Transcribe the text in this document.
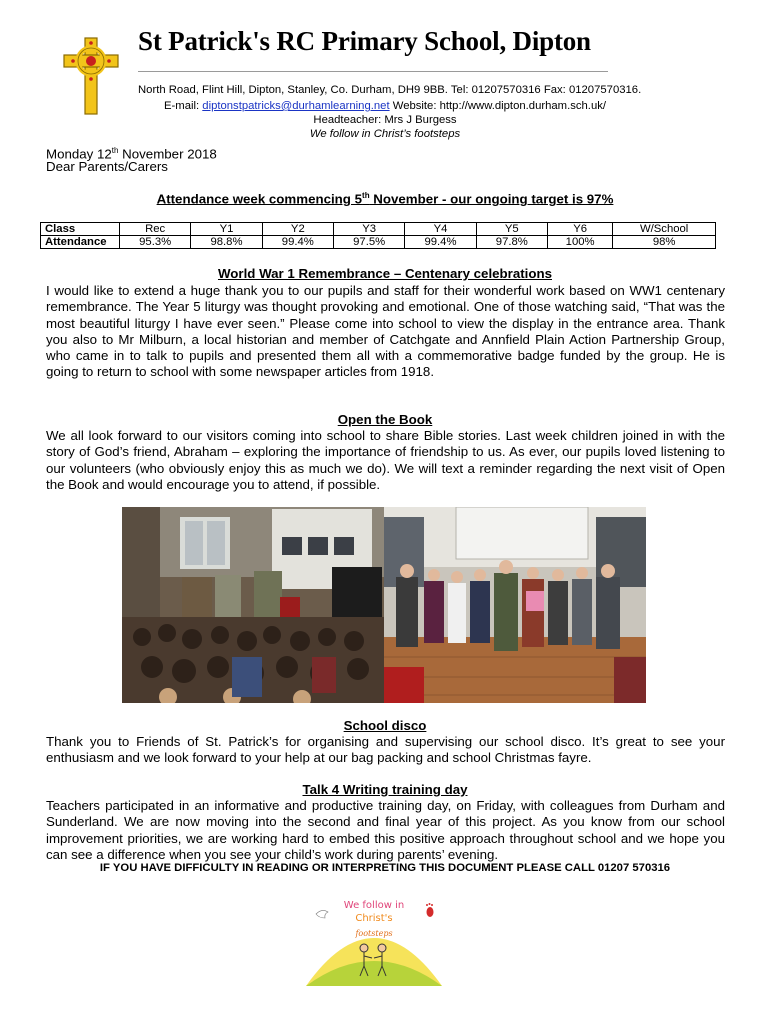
St Patrick's RC Primary School, Dipton
North Road, Flint Hill, Dipton, Stanley, Co. Durham, DH9 9BB. Tel: 01207570316 Fax: 01207570316.
E-mail: diptonstpatricks@durhamlearning.net Website: http://www.dipton.durham.sch.uk/
Headteacher: Mrs J Burgess
We follow in Christ’s footsteps
Monday 12th November 2018
Dear Parents/Carers
Attendance week commencing 5th November - our ongoing target is 97%
Class	Rec	Y1	Y2	Y3	Y4	Y5	Y6	W/School
Attendance	95.3%	98.8%	99.4%	97.5%	99.4%	97.8%	100%	98%
World War 1 Remembrance – Centenary celebrations
I would like to extend a huge thank you to our pupils and staff for their wonderful work based on WW1 centenary remembrance. The Year 5 liturgy was thought provoking and emotional. One of those watching said, “That was the most beautiful liturgy I have ever seen.” Please come into school to view the display in the entrance area. Thank you also to Mr Milburn, a local historian and member of Catchgate and Annfield Plain Action Partnership Group, who came in to talk to pupils and presented them all with a commemorative badge funded by the group. He is going to return to school with some newspaper articles from 1918.
Open the Book
We all look forward to our visitors coming into school to share Bible stories. Last week children joined in with the story of God’s friend, Abraham – exploring the importance of friendship to us. As ever, our pupils loved listening to our volunteers (who obviously enjoy this as much we do). We will text a reminder regarding the next visit of Open the Book and would encourage you to attend, if possible.
School disco
Thank you to Friends of St. Patrick’s for organising and supervising our school disco. It’s great to see your enthusiasm and we look forward to your help at our bag packing and school Christmas fayre.
Talk 4 Writing training day
Teachers participated in an informative and productive training day, on Friday, with colleagues from Durham and Sunderland. We are now moving into the second and final year of this project. As you know from our school improvement priorities, we are working hard to embed this positive approach throughout school and we hope you can see a difference when you see your child’s work during parents’ evening.
IF YOU HAVE DIFFICULTY IN READING OR INTERPRETING THIS DOCUMENT PLEASE CALL 01207 570316
We follow in
Christ's
footsteps
